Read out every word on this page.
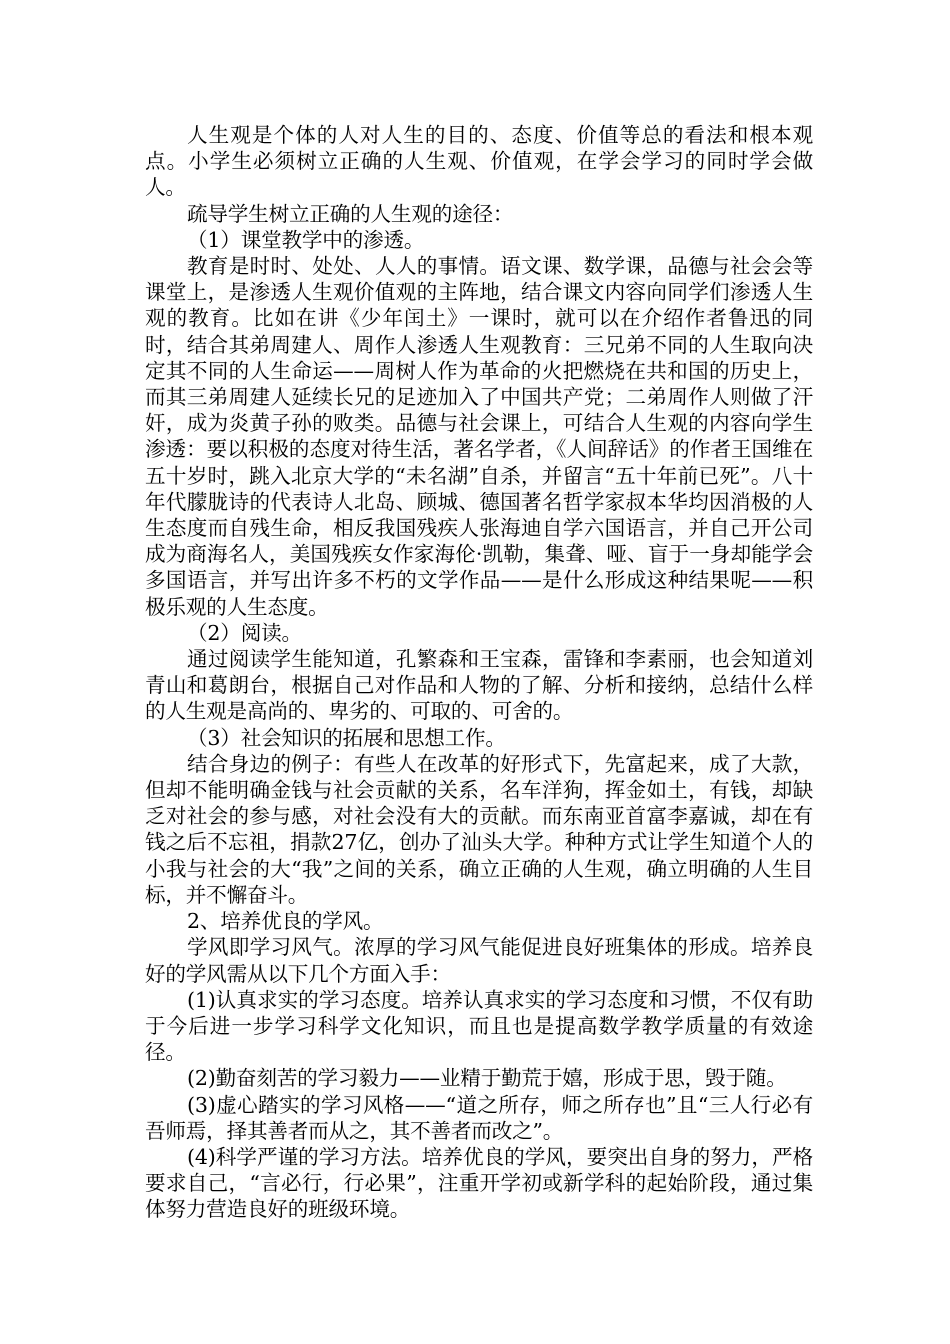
人生观是个体的人对人生的目的、态度、价值等总的看法和根本观点。小学生必须树立正确的人生观、价值观，在学会学习的同时学会做人。

疏导学生树立正确的人生观的途径：

（1）课堂教学中的渗透。

教育是时时、处处、人人的事情。语文课、数学课，品德与社会会等课堂上，是渗透人生观价值观的主阵地，结合课文内容向同学们渗透人生观的教育。比如在讲《少年闰土》一课时，就可以在介绍作者鲁迅的同时，结合其弟周建人、周作人渗透人生观教育：三兄弟不同的人生取向决定其不同的人生命运——周树人作为革命的火把燃烧在共和国的历史上，而其三弟周建人延续长兄的足迹加入了中国共产党；二弟周作人则做了汗奸，成为炎黄子孙的败类。品德与社会课上，可结合人生观的内容向学生渗透：要以积极的态度对待生活，著名学者，《人间辞话》的作者王国维在五十岁时，跳入北京大学的“未名湖”自杀，并留言“五十年前已死”。八十年代朦胧诗的代表诗人北岛、顾城、德国著名哲学家叔本华均因消极的人生态度而自残生命，相反我国残疾人张海迪自学六国语言，并自己开公司成为商海名人，美国残疾女作家海伦·凯勒，集聋、哑、盲于一身却能学会多国语言，并写出许多不朽的文学作品——是什么形成这种结果呢——积极乐观的人生态度。

（2）阅读。

通过阅读学生能知道，孔繁森和王宝森，雷锋和李素丽，也会知道刘青山和葛朗台，根据自己对作品和人物的了解、分析和接纳，总结什么样的人生观是高尚的、卑劣的、可取的、可舍的。

（3）社会知识的拓展和思想工作。

结合身边的例子：有些人在改革的好形式下，先富起来，成了大款，但却不能明确金钱与社会贡献的关系，名车洋狗，挥金如土，有钱，却缺乏对社会的参与感，对社会没有大的贡献。而东南亚首富李嘉诚，却在有钱之后不忘祖，捐款27亿，创办了汕头大学。种种方式让学生知道个人的小我与社会的大“我”之间的关系，确立正确的人生观，确立明确的人生目标，并不懈奋斗。

2、培养优良的学风。

学风即学习风气。浓厚的学习风气能促进良好班集体的形成。培养良好的学风需从以下几个方面入手：

(1)认真求实的学习态度。培养认真求实的学习态度和习惯，不仅有助于今后进一步学习科学文化知识，而且也是提高数学教学质量的有效途径。

(2)勤奋刻苦的学习毅力——业精于勤荒于嬉，形成于思，毁于随。

(3)虚心踏实的学习风格——“道之所存，师之所存也”且“三人行必有吾师焉，择其善者而从之，其不善者而改之”。

(4)科学严谨的学习方法。培养优良的学风，要突出自身的努力，严格要求自己，“言必行，行必果”，注重开学初或新学科的起始阶段，通过集体努力营造良好的班级环境。
